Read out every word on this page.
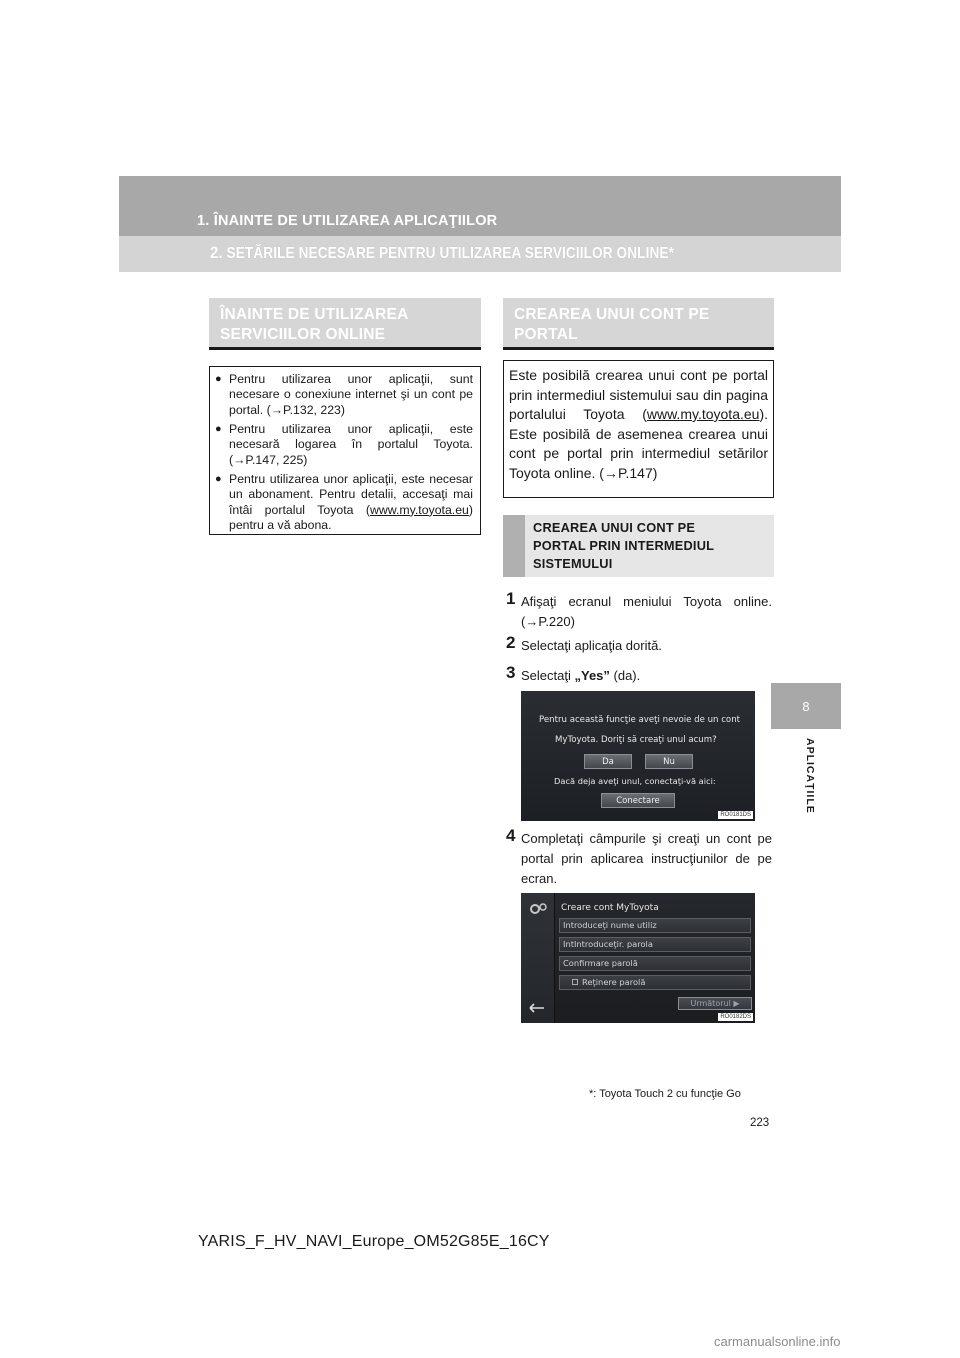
1. ÎNAINTE DE UTILIZAREA APLICAŢIILOR
2. SETĂRILE NECESARE PENTRU UTILIZAREA SERVICIILOR ONLINE*
8
APLICAŢIILE
ÎNAINTE DE UTILIZAREA
SERVICIILOR ONLINE
● Pentru utilizarea unor aplicaţii, sunt necesare o conexiune internet şi un cont pe portal. (→P.132, 223)
● Pentru utilizarea unor aplicaţii, este necesară logarea în portalul Toyota. (→P.147, 225)
● Pentru utilizarea unor aplicaţii, este necesar un abonament. Pentru detalii, accesaţi mai întâi portalul Toyota (www.my.toyota.eu) pentru a vă abona.
CREAREA UNUI CONT PE
PORTAL
Este posibilă crearea unui cont pe portal prin intermediul sistemului sau din pagina portalului Toyota (www.my.toyota.eu). Este posibilă de asemenea crearea unui cont pe portal prin intermediul setărilor Toyota online. (→P.147)
CREAREA UNUI CONT PE
PORTAL PRIN INTERMEDIUL
SISTEMULUI
1 Afişaţi ecranul meniului Toyota online. (→P.220)
2 Selectaţi aplicaţia dorită.
3 Selectaţi „Yes” (da).
Pentru această funcţie aveţi nevoie de un cont
MyToyota. Doriţi să creaţi unul acum?
Da	Nu
Dacă deja aveţi unul, conectaţi-vă aici:
Conectare
RO0181DS
4 Completaţi câmpurile şi creaţi un cont pe portal prin aplicarea instrucţiunilor de pe ecran.
Creare cont MyToyota
Introduceţi nume utiliz
IntIntroduceţir. parola
Confirmare parolă
Reţinere parolă
Următorul
▶
RO0182DS
*: Toyota Touch 2 cu funcţie Go
223
YARIS_F_HV_NAVI_Europe_OM52G85E_16CY
carmanualsonline.info
